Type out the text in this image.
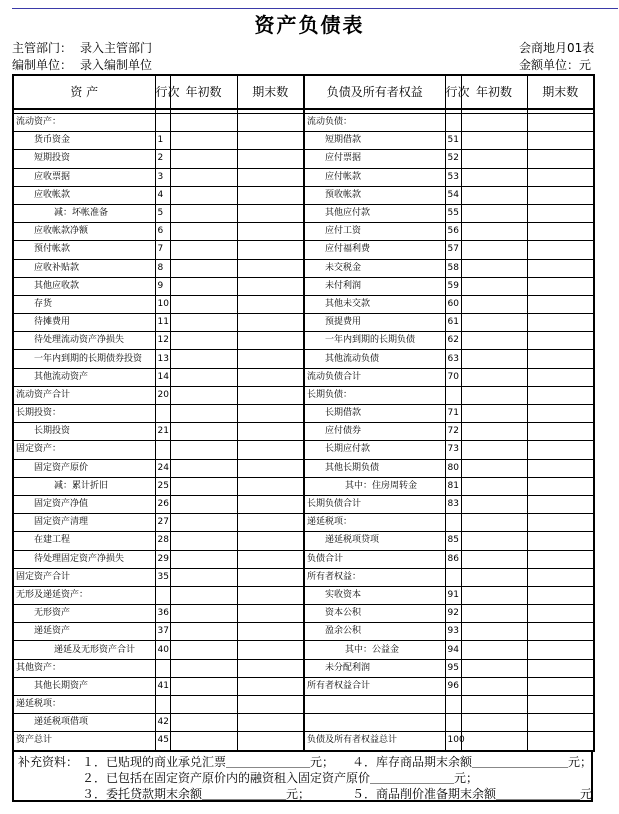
资产负债表
主管部门： 录入主管部门
编制单位： 录入编制单位
会商地月01表
金额单位：元
资 产	行次	年初数	期末数	负债及所有者权益	行次	年初数	期末数

流动资产：				流动负债：			
货币资金	1			短期借款	51		
短期投资	2			应付票据	52		
应收票据	3			应付帐款	53		
应收帐款	4			预收帐款	54		
减：坏帐准备	5			其他应付款	55		
应收帐款净额	6			应付工资	56		
预付帐款	7			应付福利费	57		
应收补贴款	8			未交税金	58		
其他应收款	9			未付利润	59		
存货	10			其他未交款	60		
待摊费用	11			预提费用	61		
待处理流动资产净损失	12			一年内到期的长期负债	62		
一年内到期的长期债券投资	13			其他流动负债	63		
其他流动资产	14			流动负债合计	70		
流动资产合计	20			长期负债：			
长期投资：				长期借款	71		
长期投资	21			应付债券	72		
固定资产：				长期应付款	73		
固定资产原价	24			其他长期负债	80		
减：累计折旧	25			其中：住房周转金	81		
固定资产净值	26			长期负债合计	83		
固定资产清理	27			递延税项：			
在建工程	28			递延税项贷项	85		
待处理固定资产净损失	29			负债合计	86		
固定资产合计	35			所有者权益：			
无形及递延资产：				实收资本	91		
无形资产	36			资本公积	92		
递延资产	37			盈余公积	93		
递延及无形资产合计	40			其中：公益金	94		
其他资产：				未分配利润	95		
其他长期资产	41			所有者权益合计	96		
递延税项：							
递延税项借项	42						
资产总计	45			负债及所有者权益总计	100		
补充资料： １．已贴现的商业承兑汇票＿＿＿＿＿＿＿元； ４．库存商品期末余额＿＿＿＿＿＿＿＿元；
２．已包括在固定资产原价内的融资租入固定资产原价＿＿＿＿＿＿＿元；
３．委托贷款期末余额＿＿＿＿＿＿＿元；	５．商品削价准备期末余额＿＿＿＿＿＿＿元
